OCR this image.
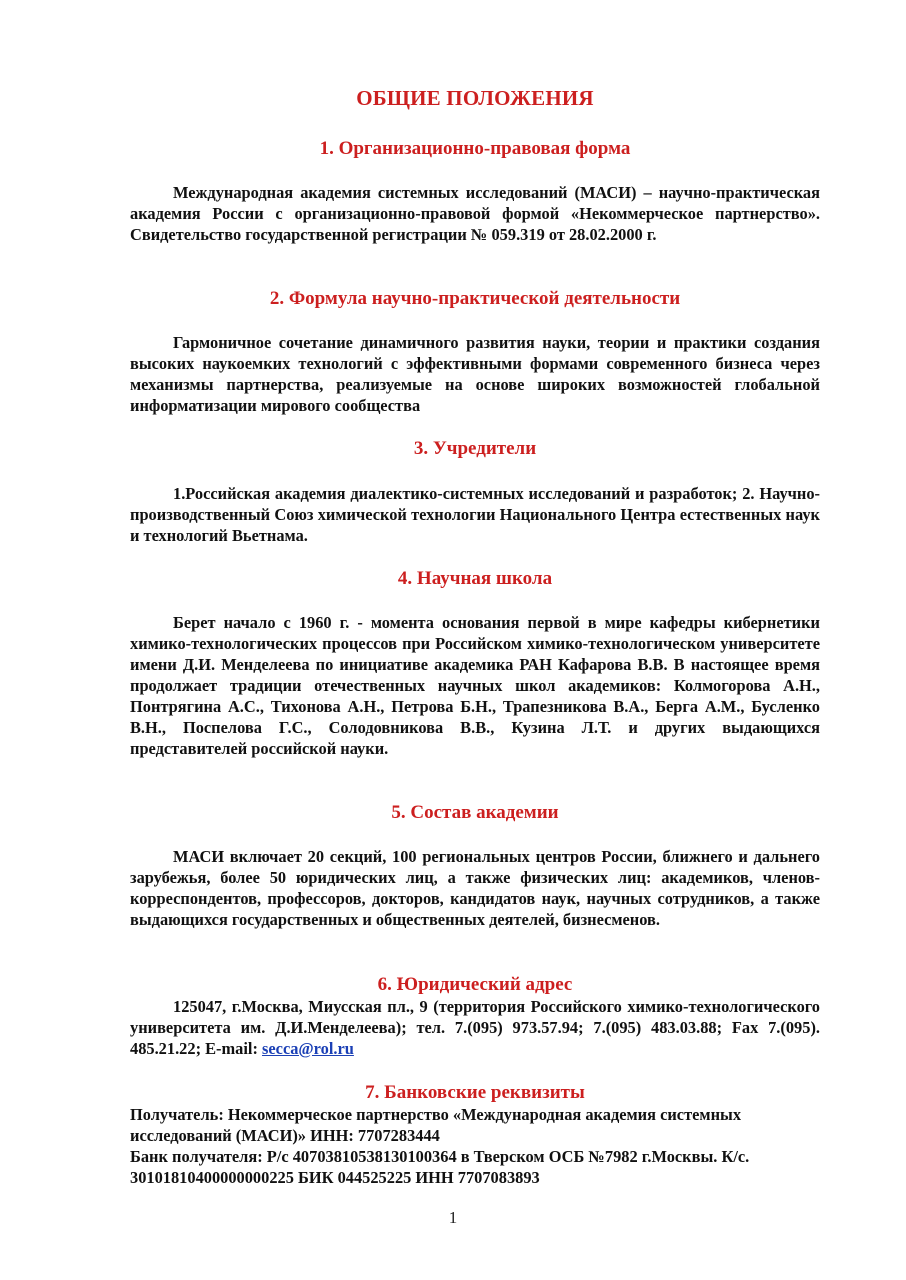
ОБЩИЕ ПОЛОЖЕНИЯ
1. Организационно-правовая форма
Международная академия системных исследований (МАСИ) – научно-практическая академия России с организационно-правовой формой «Некоммерческое партнерство». Свидетельство государственной регистрации № 059.319 от 28.02.2000 г.
2. Формула научно-практической деятельности
Гармоничное сочетание динамичного развития науки, теории и практики создания высоких наукоемких технологий с эффективными формами современного бизнеса через механизмы партнерства, реализуемые на основе широких возможностей глобальной информатизации мирового сообщества
3. Учредители
1.Российская академия диалектико-системных исследований и разработок; 2. Научно-производственный Союз химической технологии Национального Центра естественных наук и технологий Вьетнама.
4. Научная школа
Берет начало с 1960 г. - момента основания первой в мире кафедры кибернетики химико-технологических процессов при Российском химико-технологическом университете имени Д.И. Менделеева по инициативе академика РАН Кафарова В.В. В настоящее время продолжает традиции отечественных научных школ академиков: Колмогорова А.Н., Понтрягина А.С., Тихонова А.Н., Петрова Б.Н., Трапезникова В.А., Берга А.М., Бусленко В.Н., Поспелова Г.С., Солодовникова В.В., Кузина Л.Т. и других выдающихся представителей российской науки.
5. Состав академии
МАСИ включает 20 секций, 100 региональных центров России, ближнего и дальнего зарубежья, более 50 юридических лиц, а также физических лиц: академиков, членов-корреспондентов, профессоров, докторов, кандидатов наук, научных сотрудников, а также выдающихся государственных и общественных деятелей, бизнесменов.
6. Юридический адрес
125047, г.Москва, Миусская пл., 9 (территория Российского химико-технологического университета им. Д.И.Менделеева); тел. 7.(095) 973.57.94; 7.(095) 483.03.88; Fax 7.(095). 485.21.22; E-mail: secca@rol.ru
7. Банковские реквизиты
Получатель: Некоммерческое партнерство «Международная академия системных исследований (МАСИ)» ИНН: 7707283444
Банк получателя: Р/с 40703810538130100364 в Тверском ОСБ №7982 г.Москвы. К/с. 30101810400000000225 БИК 044525225 ИНН 7707083893
1
